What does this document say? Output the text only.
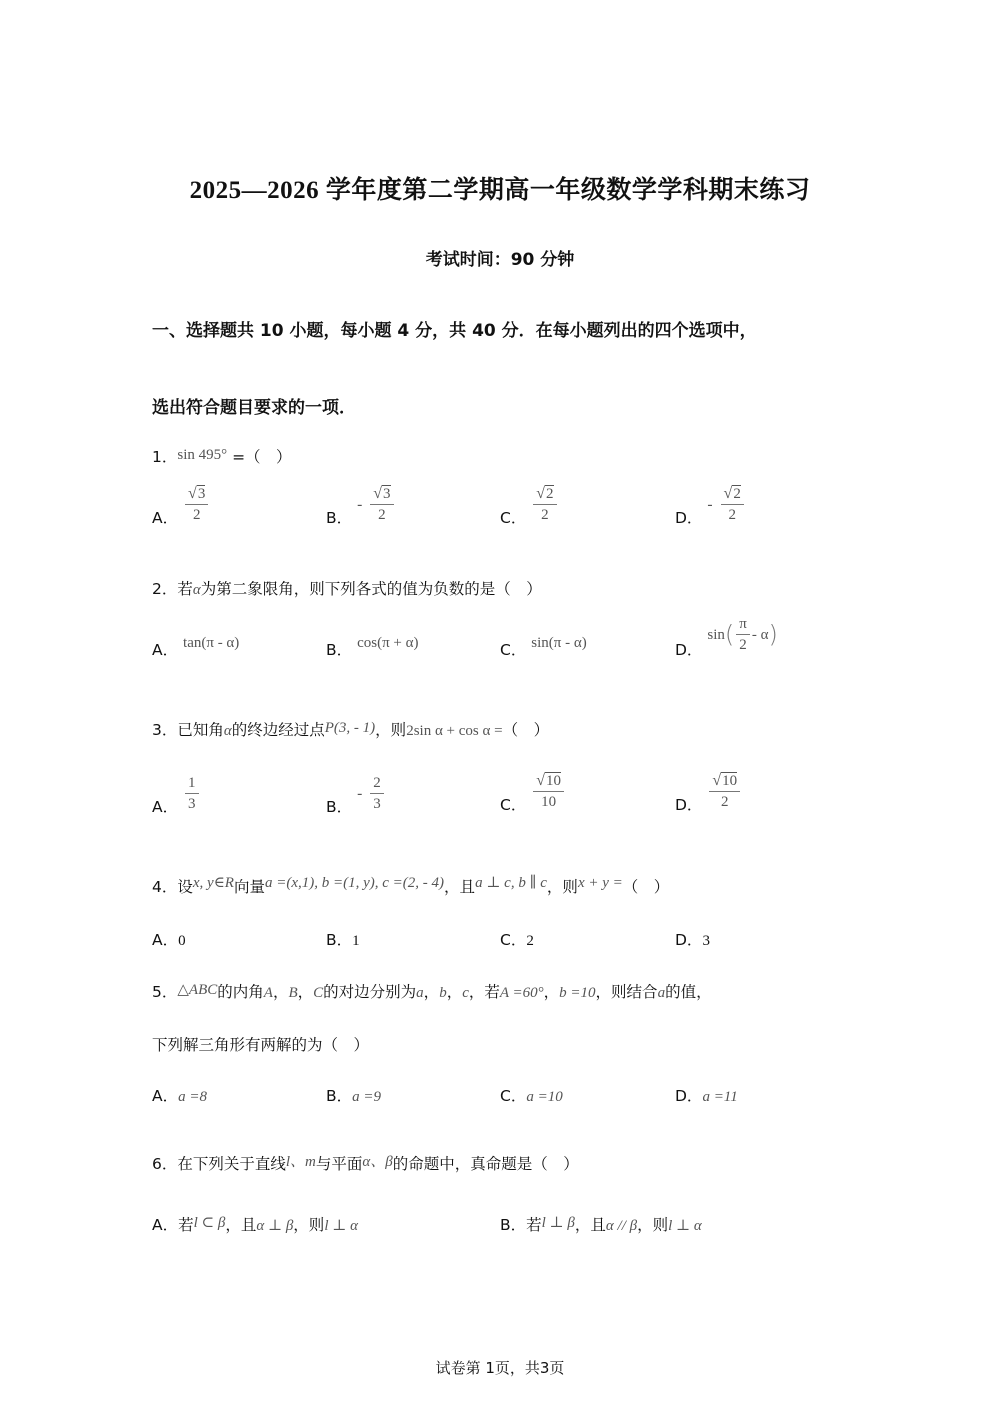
2025—2026 学年度第二学期高一年级数学学科期末练习
考试时间：90 分钟
一、选择题共 10 小题，每小题 4 分，共 40 分．在每小题列出的四个选项中，
选出符合题目要求的一项．
1．sin 495° =（　）
A． $\frac{√3}{2}$	B． - $\frac{√3}{2}$	C． $\frac{√2}{2}$	D． - $\frac{√2}{2}$
2．若α为第二象限角，则下列各式的值为负数的是（　）
A． tan(π - α)	B． cos(π + α)	C． sin(π - α)	D． $\sin( \frac{\pi}{2} - \alpha)$
3．已知角α的终边经过点P(3, - 1)，则2sin α + cos α =（　）
A． $\frac{1}{3}$	B． - $\frac{2}{3}$	C． $\frac{√10}{10}$	D． $\frac{√10}{2}$
4．设x, y∈R向量a =(x,1), b =(1, y), c =(2, - 4)，且a ⊥ c, b ∥ c，则x + y =（　）
A．0	B．1	C．2	D．3
5．△ABC的内角A，B，C的对边分别为a，b，c，若A =60°，b =10，则结合a的值，
下列解三角形有两解的为（　）
A．a =8	B．a =9	C．a =10	D．a =11
6．在下列关于直线l、m与平面α、β的命题中，真命题是（　）
A．若l ⊂ β，且α ⊥ β，则l ⊥ α	B．若l ⊥ β，且α // β，则l ⊥ α
试卷第 1页，共3页
